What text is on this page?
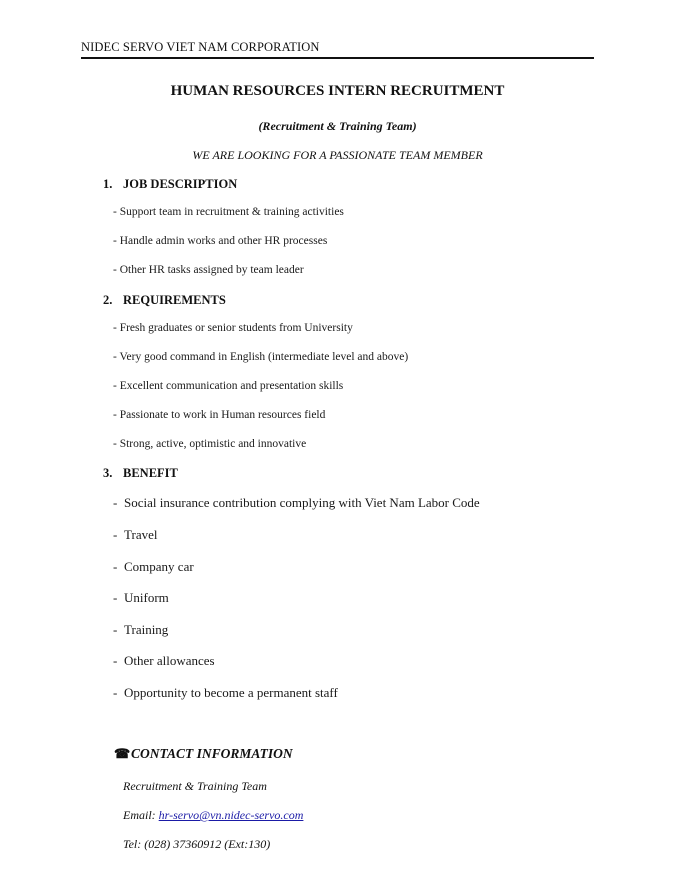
NIDEC SERVO VIET NAM CORPORATION
HUMAN RESOURCES INTERN RECRUITMENT
(Recruitment & Training Team)
WE ARE LOOKING FOR A PASSIONATE TEAM MEMBER
1. JOB DESCRIPTION
- Support team in recruitment & training activities
- Handle admin works and other HR processes
- Other HR tasks assigned by team leader
2. REQUIREMENTS
- Fresh graduates or senior students from University
- Very good command in English (intermediate level and above)
- Excellent communication and presentation skills
- Passionate to work in Human resources field
- Strong, active, optimistic and innovative
3. BENEFIT
- Social insurance contribution complying with Viet Nam Labor Code
- Travel
- Company car
- Uniform
- Training
- Other allowances
- Opportunity to become a permanent staff
☎CONTACT INFORMATION
Recruitment & Training Team
Email: hr-servo@vn.nidec-servo.com
Tel: (028) 37360912 (Ext:130)
